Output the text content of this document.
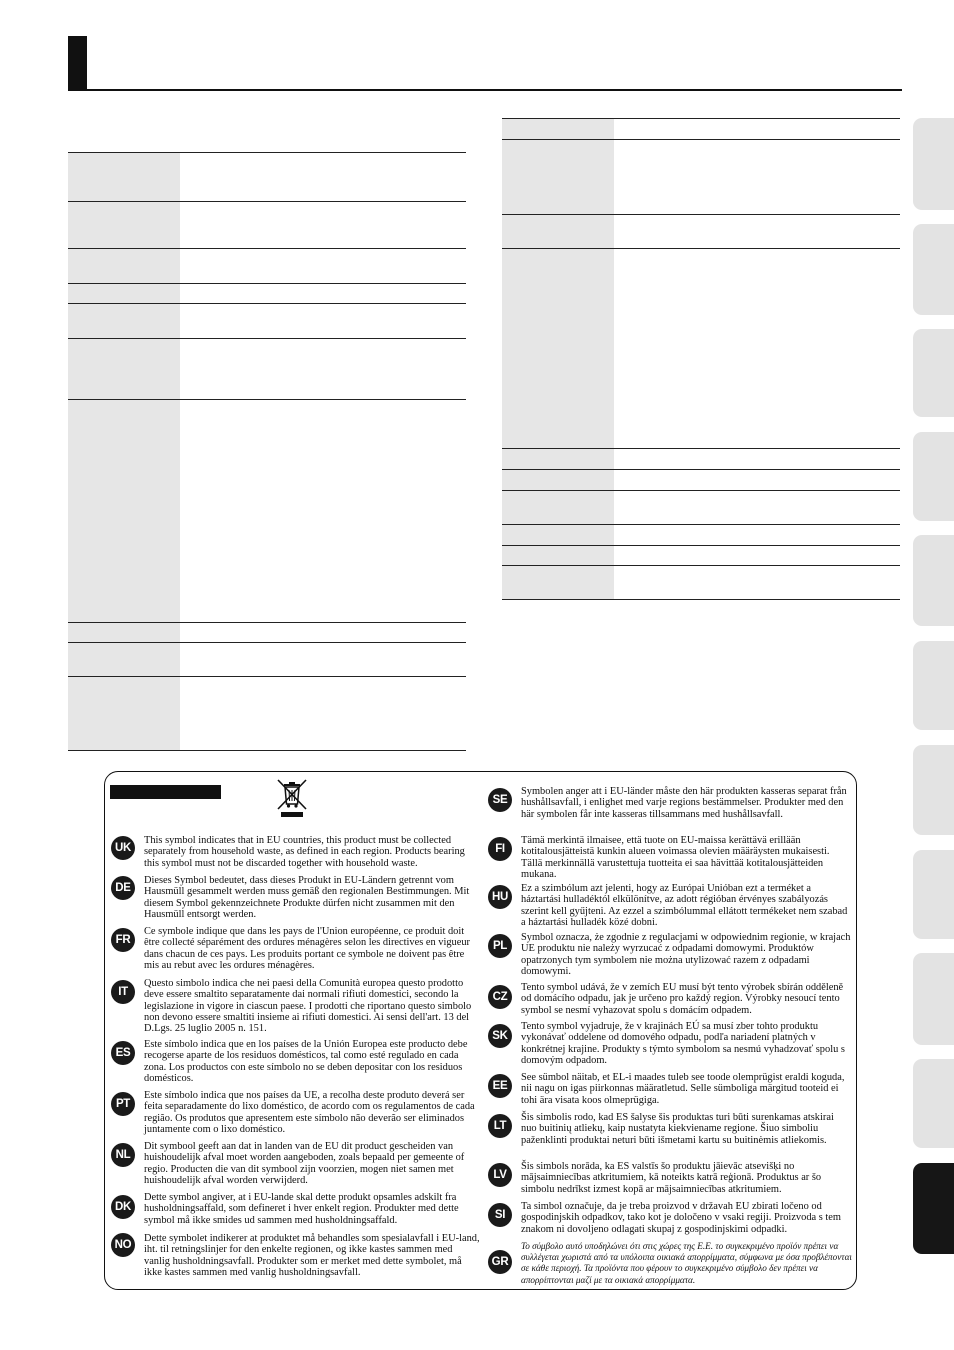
UK
This symbol indicates that in EU countries, this product must be collected separately from household waste, as defined in each region. Products bearing this symbol must not be discarded together with household waste.
DE
Dieses Symbol bedeutet, dass dieses Produkt in EU-Ländern getrennt vom Hausmüll gesammelt werden muss gemäß den regionalen Bestimmungen. Mit diesem Symbol gekennzeichnete Produkte dürfen nicht zusammen mit den Hausmüll entsorgt werden.
FR
Ce symbole indique que dans les pays de l'Union européenne, ce produit doit être collecté séparément des ordures ménagères selon les directives en vigueur dans chacun de ces pays. Les produits portant ce symbole ne doivent pas être mis au rebut avec les ordures ménagères.
IT
Questo simbolo indica che nei paesi della Comunità europea questo prodotto deve essere smaltito separatamente dai normali rifiuti domestici, secondo la legislazione in vigore in ciascun paese. I prodotti che riportano questo simbolo non devono essere smaltiti insieme ai rifiuti domestici. Ai sensi dell'art. 13 del D.Lgs. 25 luglio 2005 n. 151.
ES
Este símbolo indica que en los países de la Unión Europea este producto debe recogerse aparte de los residuos domésticos, tal como esté regulado en cada zona. Los productos con este símbolo no se deben depositar con los residuos domésticos.
PT
Este símbolo indica que nos países da UE, a recolha deste produto deverá ser feita separadamente do lixo doméstico, de acordo com os regulamentos de cada região. Os produtos que apresentem este símbolo não deverão ser eliminados juntamente com o lixo doméstico.
NL
Dit symbool geeft aan dat in landen van de EU dit product gescheiden van huishoudelijk afval moet worden aangeboden, zoals bepaald per gemeente of regio. Producten die van dit symbool zijn voorzien, mogen niet samen met huishoudelijk afval worden verwijderd.
DK
Dette symbol angiver, at i EU-lande skal dette produkt opsamles adskilt fra husholdningsaffald, som defineret i hver enkelt region. Produkter med dette symbol må ikke smides ud sammen med husholdningsaffald.
NO
Dette symbolet indikerer at produktet må behandles som spesialavfall i EU-land, iht. til retningslinjer for den enkelte regionen, og ikke kastes sammen med vanlig husholdningsavfall. Produkter som er merket med dette symbolet, må ikke kastes sammen med vanlig husholdningsavfall.
SE
Symbolen anger att i EU-länder måste den här produkten kasseras separat från hushållsavfall, i enlighet med varje regions bestämmelser. Produkter med den här symbolen får inte kasseras tillsammans med hushållsavfall.
FI
Tämä merkintä ilmaisee, että tuote on EU-maissa kerättävä erillään kotitalousjätteistä kunkin alueen voimassa olevien määräysten mukaisesti. Tällä merkinnällä varustettuja tuotteita ei saa hävittää kotitalousjätteiden mukana.
HU
Ez a szimbólum azt jelenti, hogy az Európai Unióban ezt a terméket a háztartási hulladéktól elkülönítve, az adott régióban érvényes szabályozás szerint kell gyűjteni. Az ezzel a szimbólummal ellátott termékeket nem szabad a háztartási hulladék közé dobni.
PL
Symbol oznacza, że zgodnie z regulacjami w odpowiednim regionie, w krajach UE produktu nie należy wyrzucać z odpadami domowymi. Produktów opatrzonych tym symbolem nie można utylizować razem z odpadami domowymi.
CZ
Tento symbol udává, že v zemích EU musí být tento výrobek sbírán odděleně od domácího odpadu, jak je určeno pro každý region. Výrobky nesoucí tento symbol se nesmí vyhazovat spolu s domácím odpadem.
SK
Tento symbol vyjadruje, že v krajinách EÚ sa musí zber tohto produktu vykonávať oddelene od domového odpadu, podľa nariadení platných v konkrétnej krajine. Produkty s týmto symbolom sa nesmú vyhadzovať spolu s domovým odpadom.
EE
See sümbol näitab, et EL-i maades tuleb see toode olemprügist eraldi koguda, nii nagu on igas piirkonnas määratletud. Selle sümboliga märgitud tooteid ei tohi ära visata koos olmeprügiga.
LT
Šis simbolis rodo, kad ES šalyse šis produktas turi būti surenkamas atskirai nuo buitinių atliekų, kaip nustatyta kiekviename regione. Šiuo simboliu paženklinti produktai neturi būti išmetami kartu su buitinėmis atliekomis.
LV
Šis simbols norāda, ka ES valstīs šo produktu jāievāc atsevišķi no mājsaimniecības atkritumiem, kā noteikts katrā reģionā. Produktus ar šo simbolu nedrīkst izmest kopā ar mājsaimniecības atkritumiem.
SI
Ta simbol označuje, da je treba proizvod v državah EU zbirati ločeno od gospodinjskih odpadkov, tako kot je določeno v vsaki regiji. Proizvoda s tem znakom ni dovoljeno odlagati skupaj z gospodinjskimi odpadki.
GR
Το σύμβολο αυτό υποδηλώνει ότι στις χώρες της Ε.Ε. το συγκεκριμένο προϊόν πρέπει να συλλέγεται χωριστά από τα υπόλοιπα οικιακά απορρίμματα, σύμφωνα με όσα προβλέπονται σε κάθε περιοχή. Τα προϊόντα που φέρουν το συγκεκριμένο σύμβολο δεν πρέπει να απορρίπτονται μαζί με τα οικιακά απορρίμματα.
